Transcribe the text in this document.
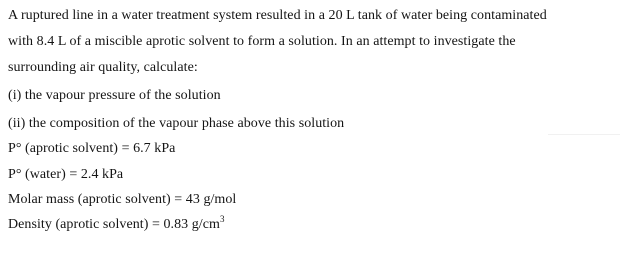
A ruptured line in a water treatment system resulted in a 20 L tank of water being contaminated
with 8.4 L of a miscible aprotic solvent to form a solution. In an attempt to investigate the
surrounding air quality, calculate:
(i) the vapour pressure of the solution
(ii) the composition of the vapour phase above this solution
P° (aprotic solvent) = 6.7 kPa
P° (water) = 2.4 kPa
Molar mass (aprotic solvent) = 43 g/mol
Density (aprotic solvent) = 0.83 $g/cm^3$
